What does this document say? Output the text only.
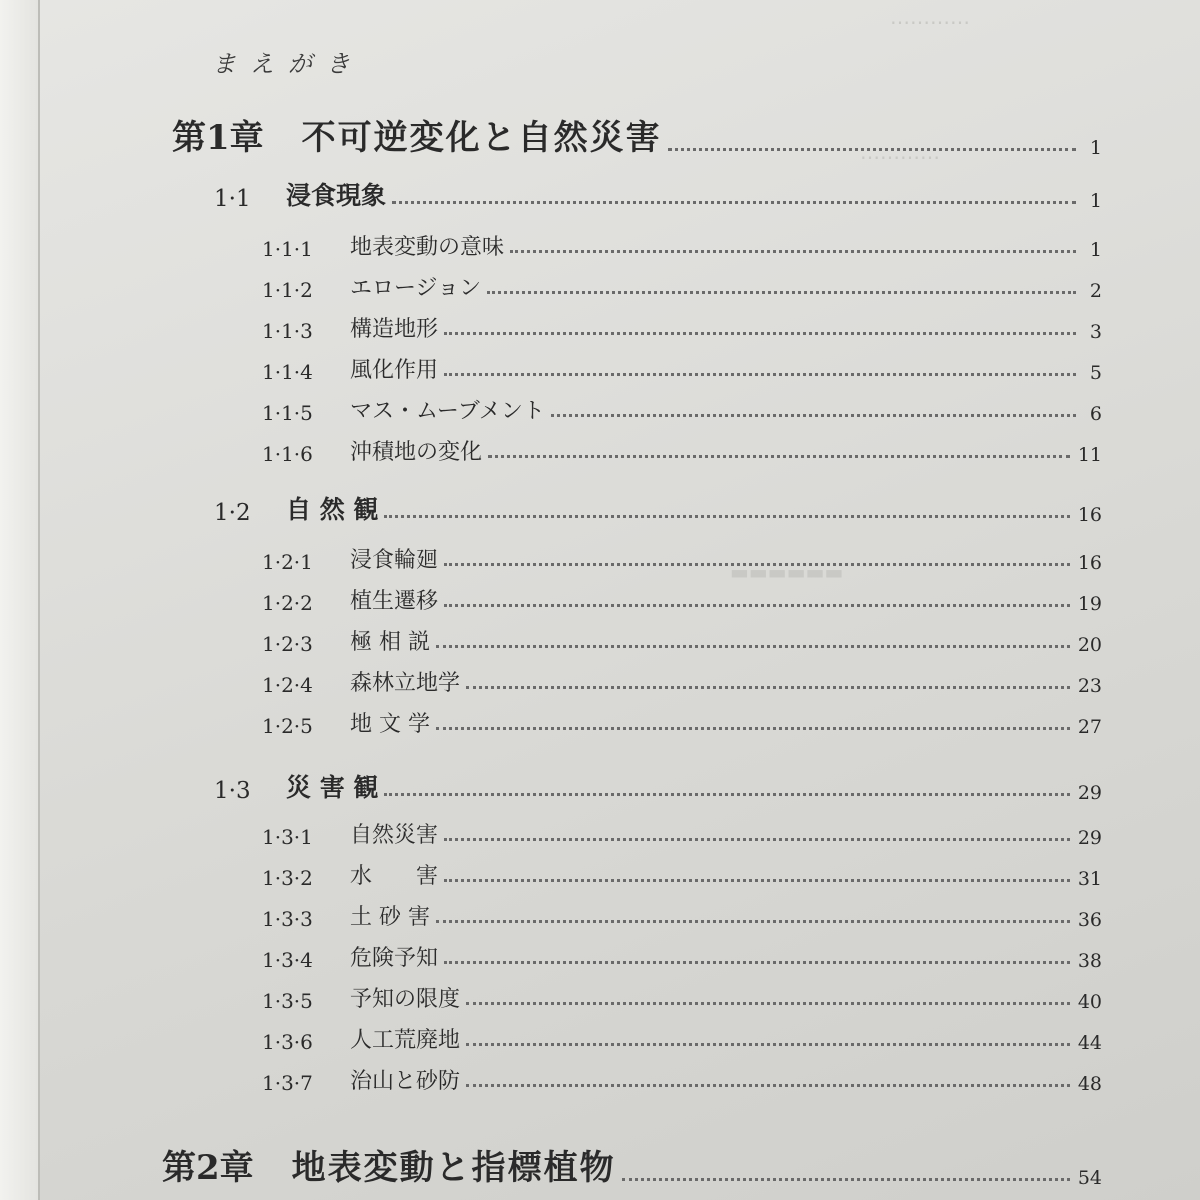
⋯⋯⋯⋯
⋯⋯⋯⋯
▬▬▬▬▬▬
まえがき
第1章 不可逆変化と自然災害	1
1·1	浸食現象	1
1·1·1	地表変動の意味	1
1·1·2	エロージョン	2
1·1·3	構造地形	3
1·1·4	風化作用	5
1·1·5	マス・ムーブメント	6
1·1·6	沖積地の変化	11
1·2	自 然 観	16
1·2·1	浸食輪廻	16
1·2·2	植生遷移	19
1·2·3	極 相 説	20
1·2·4	森林立地学	23
1·2·5	地 文 学	27
1·3	災 害 観	29
1·3·1	自然災害	29
1·3·2	水　　害	31
1·3·3	土 砂 害	36
1·3·4	危険予知	38
1·3·5	予知の限度	40
1·3·6	人工荒廃地	44
1·3·7	治山と砂防	48
第2章 地表変動と指標植物	54
